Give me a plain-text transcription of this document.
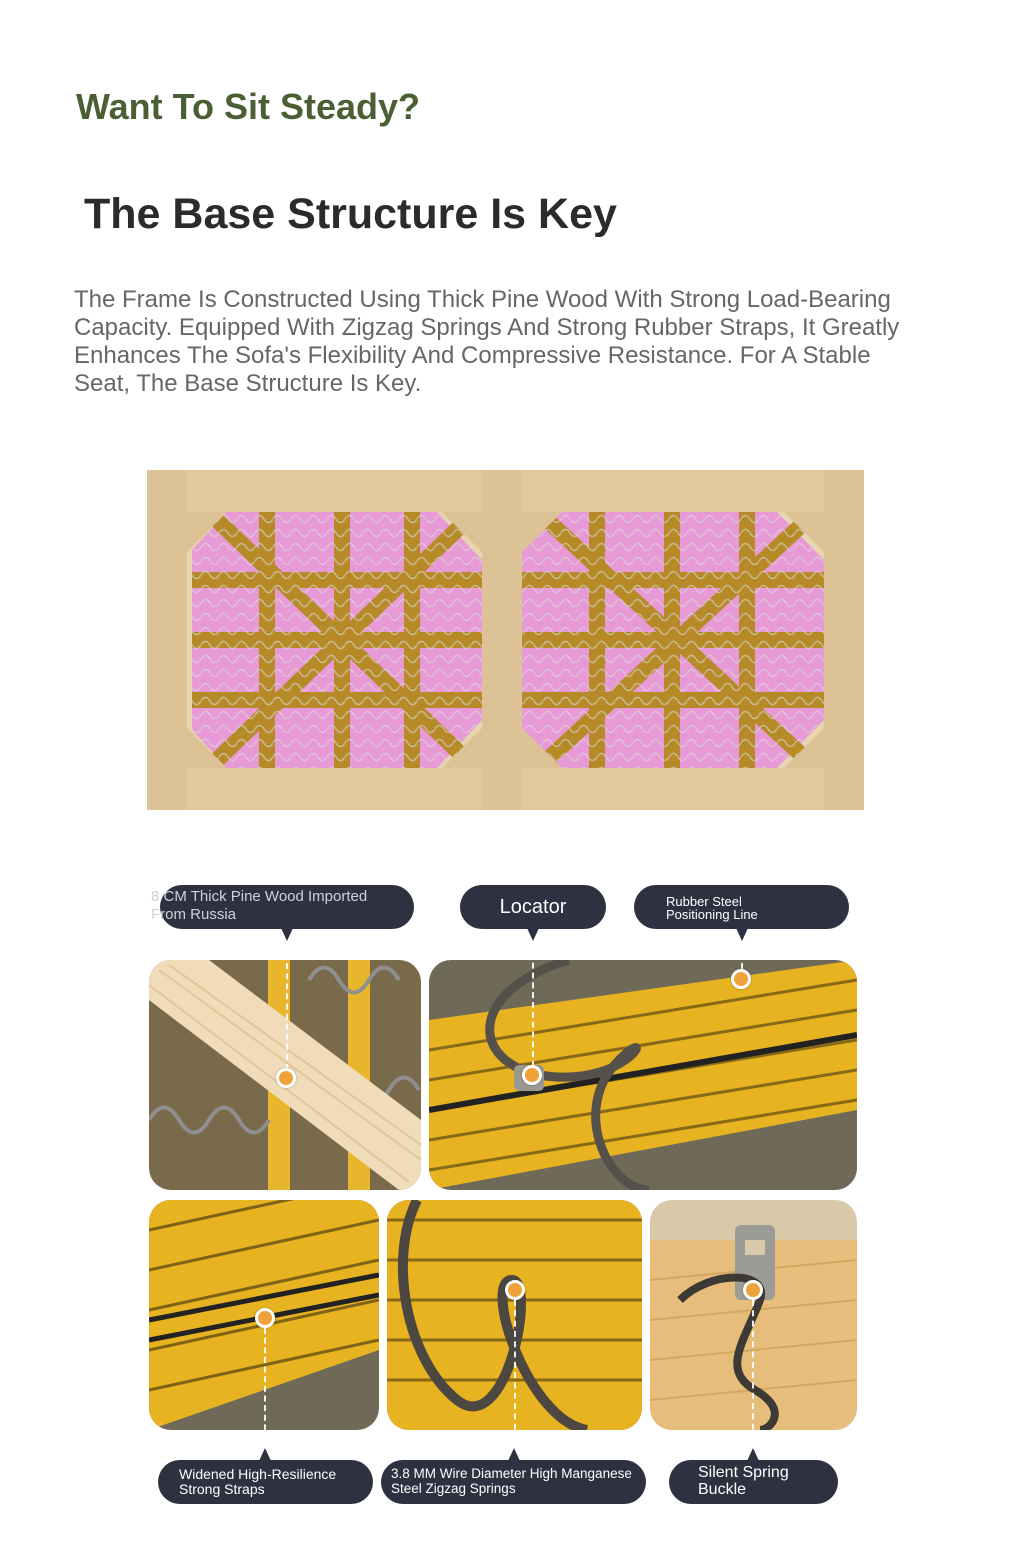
Want To Sit Steady?
The Base Structure Is Key

The Frame Is Constructed Using Thick Pine Wood With Strong Load-Bearing Capacity. Equipped With Zigzag Springs And Strong Rubber Straps, It Greatly Enhances The Sofa's Flexibility And Compressive Resistance. For A Stable Seat, The Base Structure Is Key.

8 CM Thick Pine Wood Imported From Russia	Locator	Rubber Steel Positioning Line
Widened High-Resilience Strong Straps
3.8 MM Wire Diameter High Manganese Steel Zigzag Springs
Silent Spring Buckle
